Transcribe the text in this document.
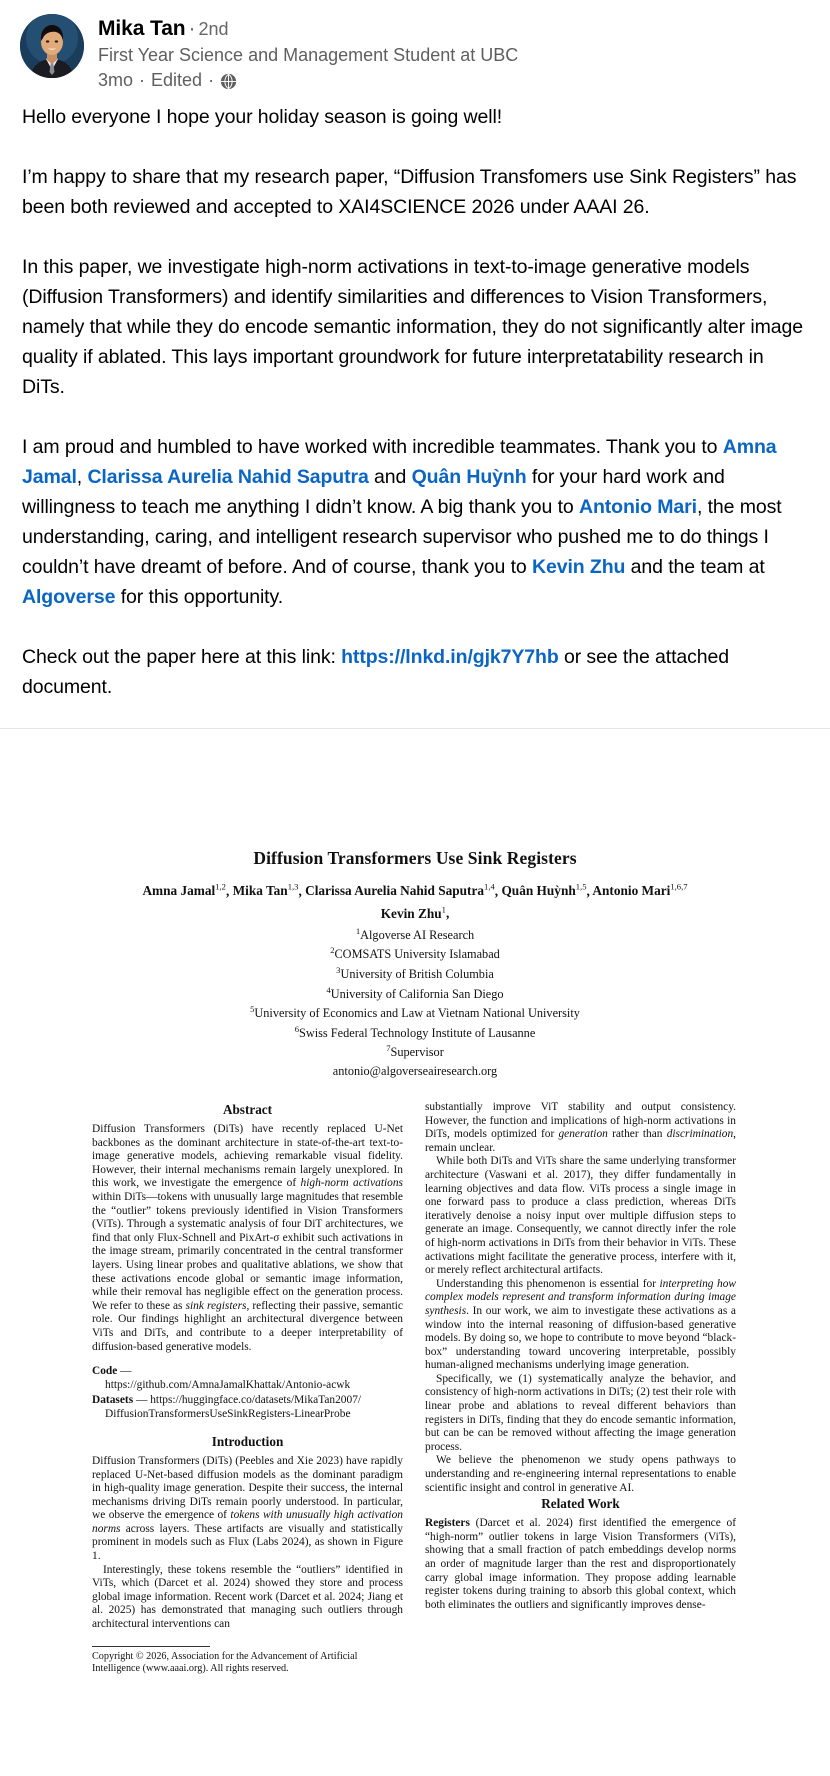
Mika Tan · 2nd
First Year Science and Management Student at UBC
3mo · Edited ·

Hello everyone I hope your holiday season is going well!

I’m happy to share that my research paper, “Diffusion Transfomers use Sink Registers” has been both reviewed and accepted to XAI4SCIENCE 2026 under AAAI 26.

In this paper, we investigate high-norm activations in text-to-image generative models (Diffusion Transformers) and identify similarities and differences to Vision Transformers, namely that while they do encode semantic information, they do not significantly alter image quality if ablated. This lays important groundwork for future interpretatability research in DiTs.

I am proud and humbled to have worked with incredible teammates. Thank you to Amna Jamal, Clarissa Aurelia Nahid Saputra and Quân Huỳnh for your hard work and willingness to teach me anything I didn’t know. A big thank you to Antonio Mari, the most understanding, caring, and intelligent research supervisor who pushed me to do things I couldn’t have dreamt of before. And of course, thank you to Kevin Zhu and the team at Algoverse for this opportunity.

Check out the paper here at this link: https://lnkd.in/gjk7Y7hb or see the attached document.

Diffusion Transformers Use Sink Registers
Amna Jamal$^{1,2}$, Mika Tan$^{1,3}$, Clarissa Aurelia Nahid Saputra$^{1,4}$, Quân Huỳnh$^{1,5}$, Antonio Mari$^{1,6,7}$
Kevin Zhu$^1$,
$^1$Algoverse AI Research
$^2$COMSATS University Islamabad
$^3$University of British Columbia
$^4$University of California San Diego
$^5$University of Economics and Law at Vietnam National University
$^6$Swiss Federal Technology Institute of Lausanne
$^7$Supervisor
antonio@algoverseairesearch.org
Abstract

Diffusion Transformers (DiTs) have recently replaced U-Net backbones as the dominant architecture in state-of-the-art text-to-image generative models, achieving remarkable visual fidelity. However, their internal mechanisms remain largely unexplored. In this work, we investigate the emergence of high-norm activations within DiTs—tokens with unusually large magnitudes that resemble the “outlier” tokens previously identified in Vision Transformers (ViTs). Through a systematic analysis of four DiT architectures, we find that only Flux-Schnell and PixArt-σ exhibit such activations in the image stream, primarily concentrated in the central transformer layers. Using linear probes and qualitative ablations, we show that these activations encode global or semantic image information, while their removal has negligible effect on the generation process. We refer to these as sink registers, reflecting their passive, semantic role. Our findings highlight an architectural divergence between ViTs and DiTs, and contribute to a deeper interpretability of diffusion-based generative models.

Code —
https://github.com/AmnaJamalKhattak/Antonio-acwk
Datasets — https://huggingface.co/datasets/MikaTan2007/
DiffusionTransformersUseSinkRegisters-LinearProbe
Introduction

Diffusion Transformers (DiTs) (Peebles and Xie 2023) have rapidly replaced U-Net-based diffusion models as the dominant paradigm in high-quality image generation. Despite their success, the internal mechanisms driving DiTs remain poorly understood. In particular, we observe the emergence of tokens with unusually high activation norms across layers. These artifacts are visually and statistically prominent in models such as Flux (Labs 2024), as shown in Figure 1.

Interestingly, these tokens resemble the “outliers” identified in ViTs, which (Darcet et al. 2024) showed they store and process global image information. Recent work (Darcet et al. 2024; Jiang et al. 2025) has demonstrated that managing such outliers through architectural interventions can

Copyright © 2026, Association for the Advancement of Artificial Intelligence (www.aaai.org). All rights reserved.

substantially improve ViT stability and output consistency. However, the function and implications of high-norm activations in DiTs, models optimized for generation rather than discrimination, remain unclear.

While both DiTs and ViTs share the same underlying transformer architecture (Vaswani et al. 2017), they differ fundamentally in learning objectives and data flow. ViTs process a single image in one forward pass to produce a class prediction, whereas DiTs iteratively denoise a noisy input over multiple diffusion steps to generate an image. Consequently, we cannot directly infer the role of high-norm activations in DiTs from their behavior in ViTs. These activations might facilitate the generative process, interfere with it, or merely reflect architectural artifacts.

Understanding this phenomenon is essential for interpreting how complex models represent and transform information during image synthesis. In our work, we aim to investigate these activations as a window into the internal reasoning of diffusion-based generative models. By doing so, we hope to contribute to move beyond “black-box” understanding toward uncovering interpretable, possibly human-aligned mechanisms underlying image generation.

Specifically, we (1) systematically analyze the behavior, and consistency of high-norm activations in DiTs; (2) test their role with linear probe and ablations to reveal different behaviors than registers in DiTs, finding that they do encode semantic information, but can be can be removed without affecting the image generation process.

We believe the phenomenon we study opens pathways to understanding and re-engineering internal representations to enable scientific insight and control in generative AI.

Related Work

Registers (Darcet et al. 2024) first identified the emergence of “high-norm” outlier tokens in large Vision Transformers (ViTs), showing that a small fraction of patch embeddings develop norms an order of magnitude larger than the rest and disproportionately carry global image information. They propose adding learnable register tokens during training to absorb this global context, which both eliminates the outliers and significantly improves dense-
